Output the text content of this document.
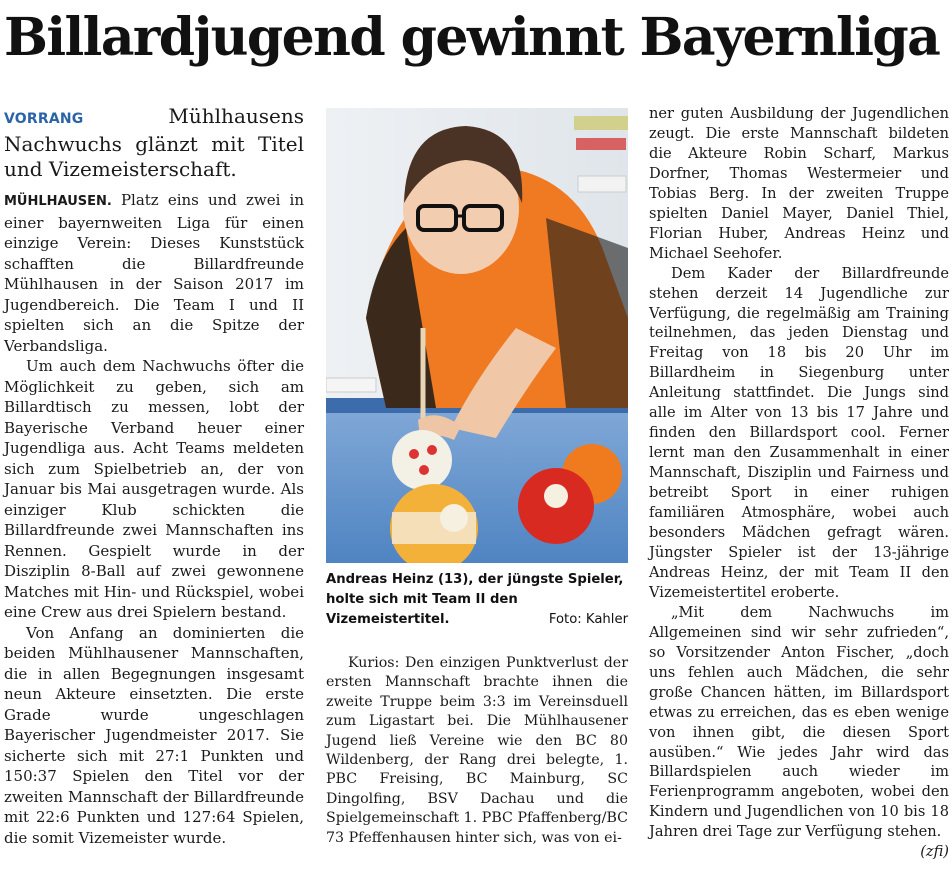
Billardjugend gewinnt Bayernliga

VORRANG Mühlhausens Nachwuchs glänzt mit Titel und Vizemeisterschaft.

MÜHLHAUSEN. Platz eins und zwei in einer bayernweiten Liga für einen einzige Verein: Dieses Kunststück schafften die Billardfreunde Mühlhausen in der Saison 2017 im Jugendbereich. Die Team I und II spielten sich an die Spitze der Verbandsliga.

Um auch dem Nachwuchs öfter die Möglichkeit zu geben, sich am Billardtisch zu messen, lobt der Bayerische Verband heuer einer Jugendliga aus. Acht Teams meldeten sich zum Spielbetrieb an, der von Januar bis Mai ausgetragen wurde. Als einziger Klub schickten die Billardfreunde zwei Mannschaften ins Rennen. Gespielt wurde in der Disziplin 8-Ball auf zwei gewonnene Matches mit Hin- und Rückspiel, wobei eine Crew aus drei Spielern bestand.

Von Anfang an dominierten die beiden Mühlhausener Mannschaften, die in allen Begegnungen insgesamt neun Akteure einsetzten. Die erste Grade wurde ungeschlagen Bayerischer Jugendmeister 2017. Sie sicherte sich mit 27:1 Punkten und 150:37 Spielen den Titel vor der zweiten Mannschaft der Billardfreunde mit 22:6 Punkten und 127:64 Spielen, die somit Vizemeister wurde.

Andreas Heinz (13), der jüngste Spieler, holte sich mit Team II den Vizemeistertitel.	Foto: Kahler

Kurios: Den einzigen Punktverlust der ersten Mannschaft brachte ihnen die zweite Truppe beim 3:3 im Vereinsduell zum Ligastart bei. Die Mühlhausener Jugend ließ Vereine wie den BC 80 Wildenberg, der Rang drei belegte, 1. PBC Freising, BC Mainburg, SC Dingolfing, BSV Dachau und die Spielgemeinschaft 1. PBC Pfaffenberg/BC 73 Pfeffenhausen hinter sich, was von ei-

ner guten Ausbildung der Jugendlichen zeugt. Die erste Mannschaft bildeten die Akteure Robin Scharf, Markus Dorfner, Thomas Westermeier und Tobias Berg. In der zweiten Truppe spielten Daniel Mayer, Daniel Thiel, Florian Huber, Andreas Heinz und Michael Seehofer.

Dem Kader der Billardfreunde stehen derzeit 14 Jugendliche zur Verfügung, die regelmäßig am Training teilnehmen, das jeden Dienstag und Freitag von 18 bis 20 Uhr im Billardheim in Siegenburg unter Anleitung stattfindet. Die Jungs sind alle im Alter von 13 bis 17 Jahre und finden den Billardsport cool. Ferner lernt man den Zusammenhalt in einer Mannschaft, Disziplin und Fairness und betreibt Sport in einer ruhigen familiären Atmosphäre, wobei auch besonders Mädchen gefragt wären. Jüngster Spieler ist der 13-jährige Andreas Heinz, der mit Team II den Vizemeistertitel eroberte.

„Mit dem Nachwuchs im Allgemeinen sind wir sehr zufrieden“, so Vorsitzender Anton Fischer, „doch uns fehlen auch Mädchen, die sehr große Chancen hätten, im Billardsport etwas zu erreichen, das es eben wenige von ihnen gibt, die diesen Sport ausüben.“ Wie jedes Jahr wird das Billardspielen auch wieder im Ferienprogramm angeboten, wobei den Kindern und Jugendlichen von 10 bis 18 Jahren drei Tage zur Verfügung stehen.
(zfi)
